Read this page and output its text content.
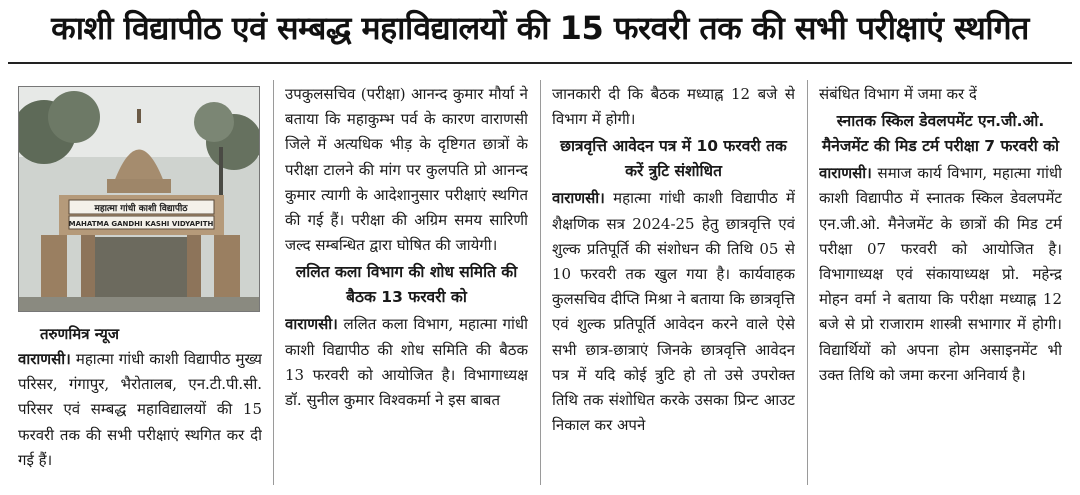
काशी विद्यापीठ एवं सम्बद्ध महाविद्यालयों की 15 फरवरी तक की सभी परीक्षाएं स्थगित
महात्मा गांधी काशी विद्यापीठ
MAHATMA GANDHI KASHI VIDYAPITH
तरुणमित्र न्यूज

वाराणसी। महात्मा गांधी काशी विद्यापीठ मुख्य परिसर, गंगापुर, भैरोतालब, एन.टी.पी.सी. परिसर एवं सम्बद्ध महाविद्यालयों की 15 फरवरी तक की सभी परीक्षाएं स्थगित कर दी गई हैं।

उपकुलसचिव (परीक्षा) आनन्द कुमार मौर्या ने बताया कि महाकुम्भ पर्व के कारण वाराणसी जिले में अत्यधिक भीड़ के दृष्टिगत छात्रों के परीक्षा टालने की मांग पर कुलपति प्रो आनन्द कुमार त्यागी के आदेशानुसार परीक्षाएं स्थगित की गई हैं। परीक्षा की अग्रिम समय सारिणी जल्द सम्बन्धित द्वारा घोषित की जायेगी।

ललित कला विभाग की शोध समिति की बैठक 13 फरवरी को

वाराणसी। ललित कला विभाग, महात्मा गांधी काशी विद्यापीठ की शोध समिति की बैठक 13 फरवरी को आयोजित है। विभागाध्यक्ष डॉ. सुनील कुमार विश्वकर्मा ने इस बाबत

जानकारी दी कि बैठक मध्याह्न 12 बजे से विभाग में होगी।

छात्रवृत्ति आवेदन पत्र में 10 फरवरी तक करें त्रुटि संशोधित

वाराणसी। महात्मा गांधी काशी विद्यापीठ में शैक्षणिक सत्र 2024-25 हेतु छात्रवृत्ति एवं शुल्क प्रतिपूर्ति की संशोधन की तिथि 05 से 10 फरवरी तक खुल गया है। कार्यवाहक कुलसचिव दीप्ति मिश्रा ने बताया कि छात्रवृत्ति एवं शुल्क प्रतिपूर्ति आवेदन करने वाले ऐसे सभी छात्र-छात्राएं जिनके छात्रवृत्ति आवेदन पत्र में यदि कोई त्रुटि हो तो उसे उपरोक्त तिथि तक संशोधित करके उसका प्रिन्ट आउट निकाल कर अपने

संबंधित विभाग में जमा कर दें

स्नातक स्किल डेवलपमेंट एन.जी.ओ. मैनेजमेंट की मिड टर्म परीक्षा 7 फरवरी को

वाराणसी। समाज कार्य विभाग, महात्मा गांधी काशी विद्यापीठ में स्नातक स्किल डेवलपमेंट एन.जी.ओ. मैनेजमेंट के छात्रों की मिड टर्म परीक्षा 07 फरवरी को आयोजित है। विभागाध्यक्ष एवं संकायाध्यक्ष प्रो. महेन्द्र मोहन वर्मा ने बताया कि परीक्षा मध्याह्न 12 बजे से प्रो राजाराम शास्त्री सभागार में होगी। विद्यार्थियों को अपना होम असाइनमेंट भी उक्त तिथि को जमा करना अनिवार्य है।
